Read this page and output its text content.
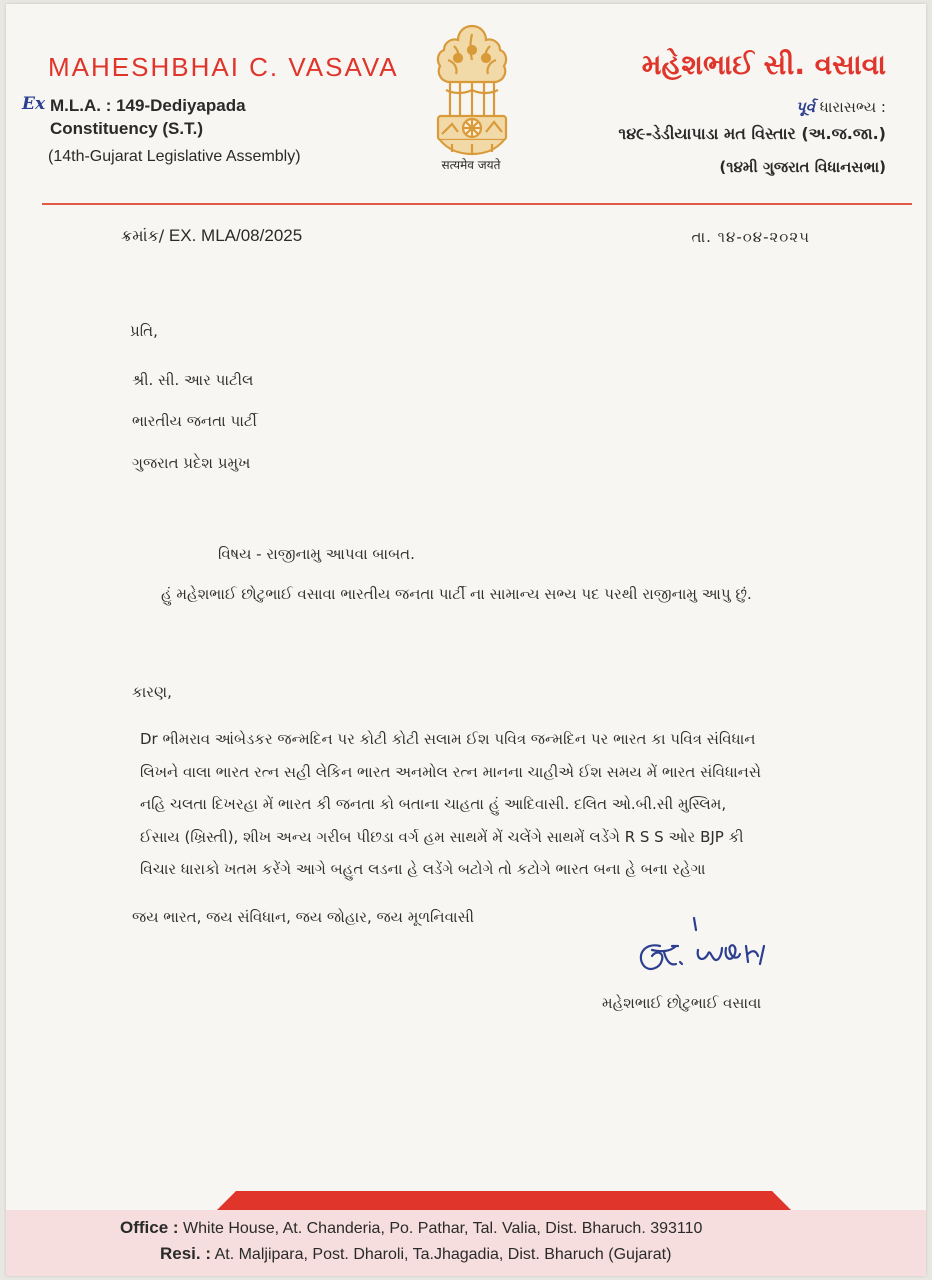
MAHESHBHAI C. VASAVA
Ex M.L.A. : 149-Dediyapada
Constituency (S.T.)
(14th-Gujarat Legislative Assembly)	सत्यमेव जयते
મહેશભાઈ સી. વસાવા
પૂર્વ ધારાસભ્ય :
૧૪૯-ડેડીયાપાડા મત વિસ્તાર (અ.જ.જા.)
(૧૪મી ગુજરાત વિધાનસભા)
ક્રમાંક/ EX. MLA/08/2025	તા. ૧૪-૦૪-૨૦૨૫
પ્રતિ,
શ્રી. સી. આર પાટીલ
ભારતીય જનતા પાર્ટી
ગુજરાત પ્રદેશ પ્રમુખ
વિષય - રાજીનામુ આપવા બાબત.
હું મહેશભાઈ છોટુભાઈ વસાવા ભારતીય જનતા પાર્ટી ના સામાન્ય સભ્ય પદ પરથી રાજીનામુ આપુ છું.
કારણ,

Dr ભીમરાવ આંબેડકર જન્મદિન પર કોટી કોટી સલામ ઈશ પવિત્ર જન્મદિન પર ભારત કા પવિત્ર સંવિધાન

લિખને વાલા ભારત રત્ન સહી લેકિન ભારત અનમોલ રત્ન માનના ચાહીએ ઈશ સમય મેં ભારત સંવિધાનસે

નહિ ચલતા દિખરહા મેં ભારત કી જનતા કો બતાના ચાહતા હું આદિવાસી. દલિત ઓ.બી.સી મુસ્લિમ,

ઈસાય (ખ્રિસ્તી), શીખ અન્ય ગરીબ પીછડા વર્ગ હમ સાથમેં મેં ચલેંગે સાથમેં લડેંગે R S S ઓર BJP કી

વિચાર ધારાકો ખતમ કરેંગે આગે બહુત લડના હે લડેંગે બટોગે તો કટોગે ભારત બના હે બના રહેગા

જય ભારત, જય સંવિધાન, જય જોહાર, જય મૂળનિવાસી
મહેશભાઈ છોટુભાઈ વસાવા
Office : White House, At. Chanderia, Po. Pathar, Tal. Valia, Dist. Bharuch. 393110
Resi. : At. Maljipara, Post. Dharoli, Ta.Jhagadia, Dist. Bharuch (Gujarat)
